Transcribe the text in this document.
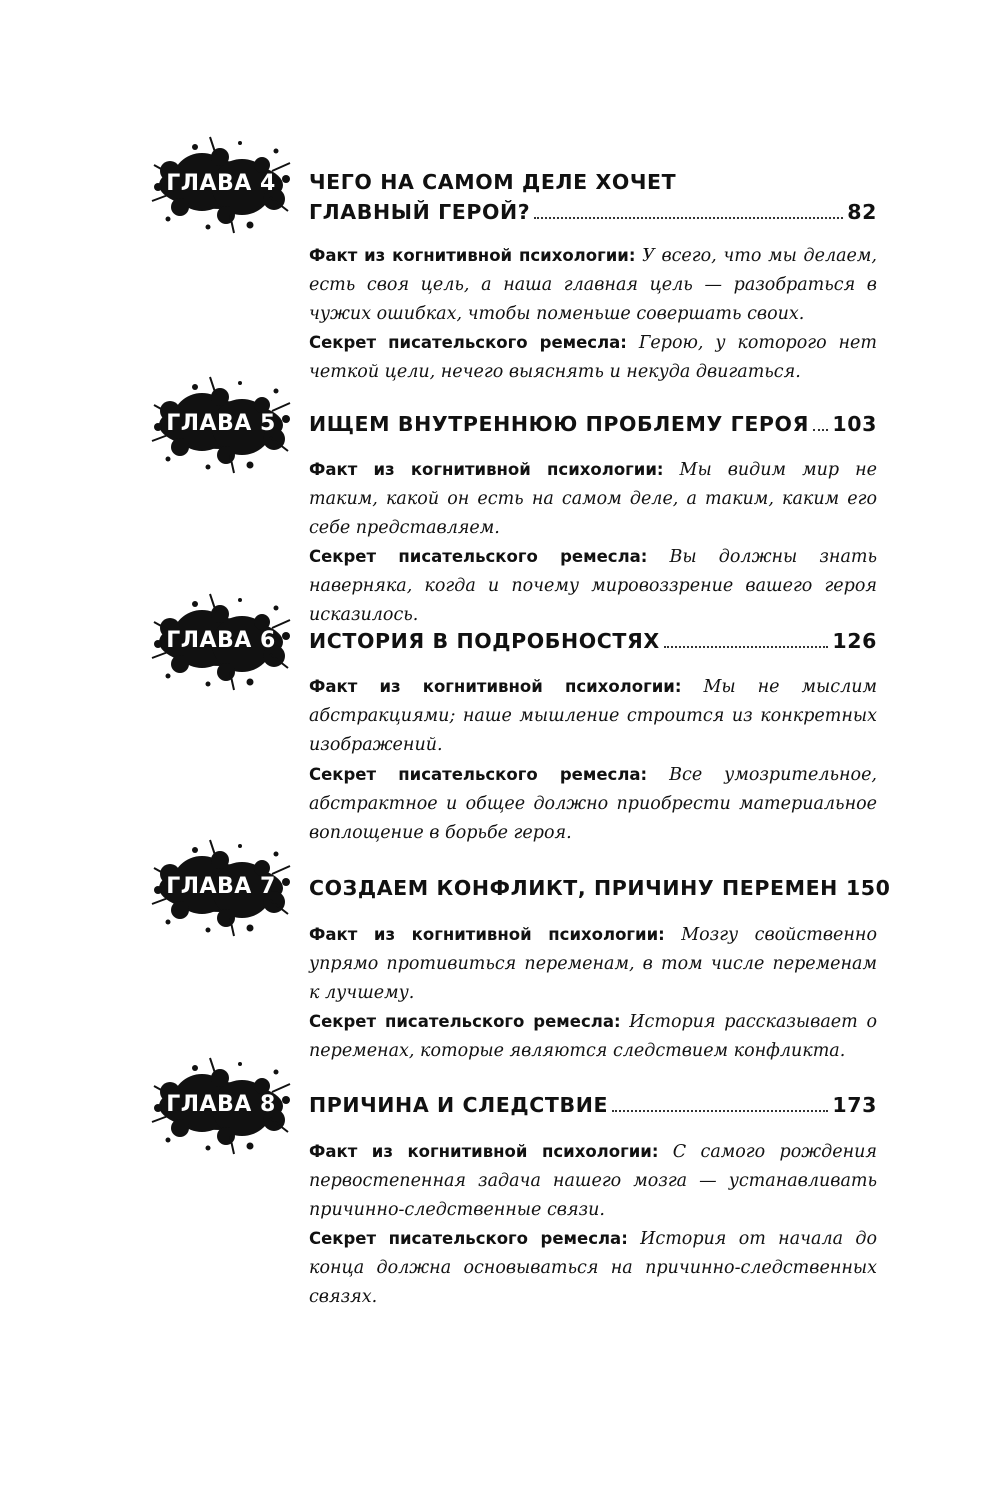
ГЛАВА 4	ЧЕГО НА САМОМ ДЕЛЕ ХОЧЕТ
ГЛАВНЫЙ ГЕРОЙ?	82
Факт из когнитивной психологии: У всего, что мы делаем, есть своя цель, а наша главная цель — разобраться в чужих ошибках, чтобы поменьше совершать своих.
Секрет писательского ремесла: Герою, у которого нет четкой цели, нечего выяснять и некуда двигаться.
ГЛАВА 5	ИЩЕМ ВНУТРЕННЮЮ ПРОБЛЕМУ ГЕРОЯ 103
Факт из когнитивной психологии: Мы видим мир не таким, какой он есть на самом деле, а таким, каким его себе представляем.
Секрет писательского ремесла: Вы должны знать наверняка, когда и почему мировоззрение вашего героя исказилось.
ГЛАВА 6	ИСТОРИЯ В ПОДРОБНОСТЯХ	126
Факт из когнитивной психологии: Мы не мыслим абстракциями; наше мышление строится из конкретных изображений.
Секрет писательского ремесла: Все умозрительное, абстрактное и общее должно приобрести материальное воплощение в борьбе героя.
ГЛАВА 7	СОЗДАЕМ КОНФЛИКТ, ПРИЧИНУ ПЕРЕМЕН 150
Факт из когнитивной психологии: Мозгу свойственно упрямо противиться переменам, в том числе переменам к лучшему.
Секрет писательского ремесла: История рассказывает о переменах, которые являются следствием конфликта.
ГЛАВА 8	ПРИЧИНА И СЛЕДСТВИЕ	173
Факт из когнитивной психологии: С самого рождения первостепенная задача нашего мозга — устанавливать причинно-следственные связи.
Секрет писательского ремесла: История от начала до конца должна основываться на причинно-следственных связях.
